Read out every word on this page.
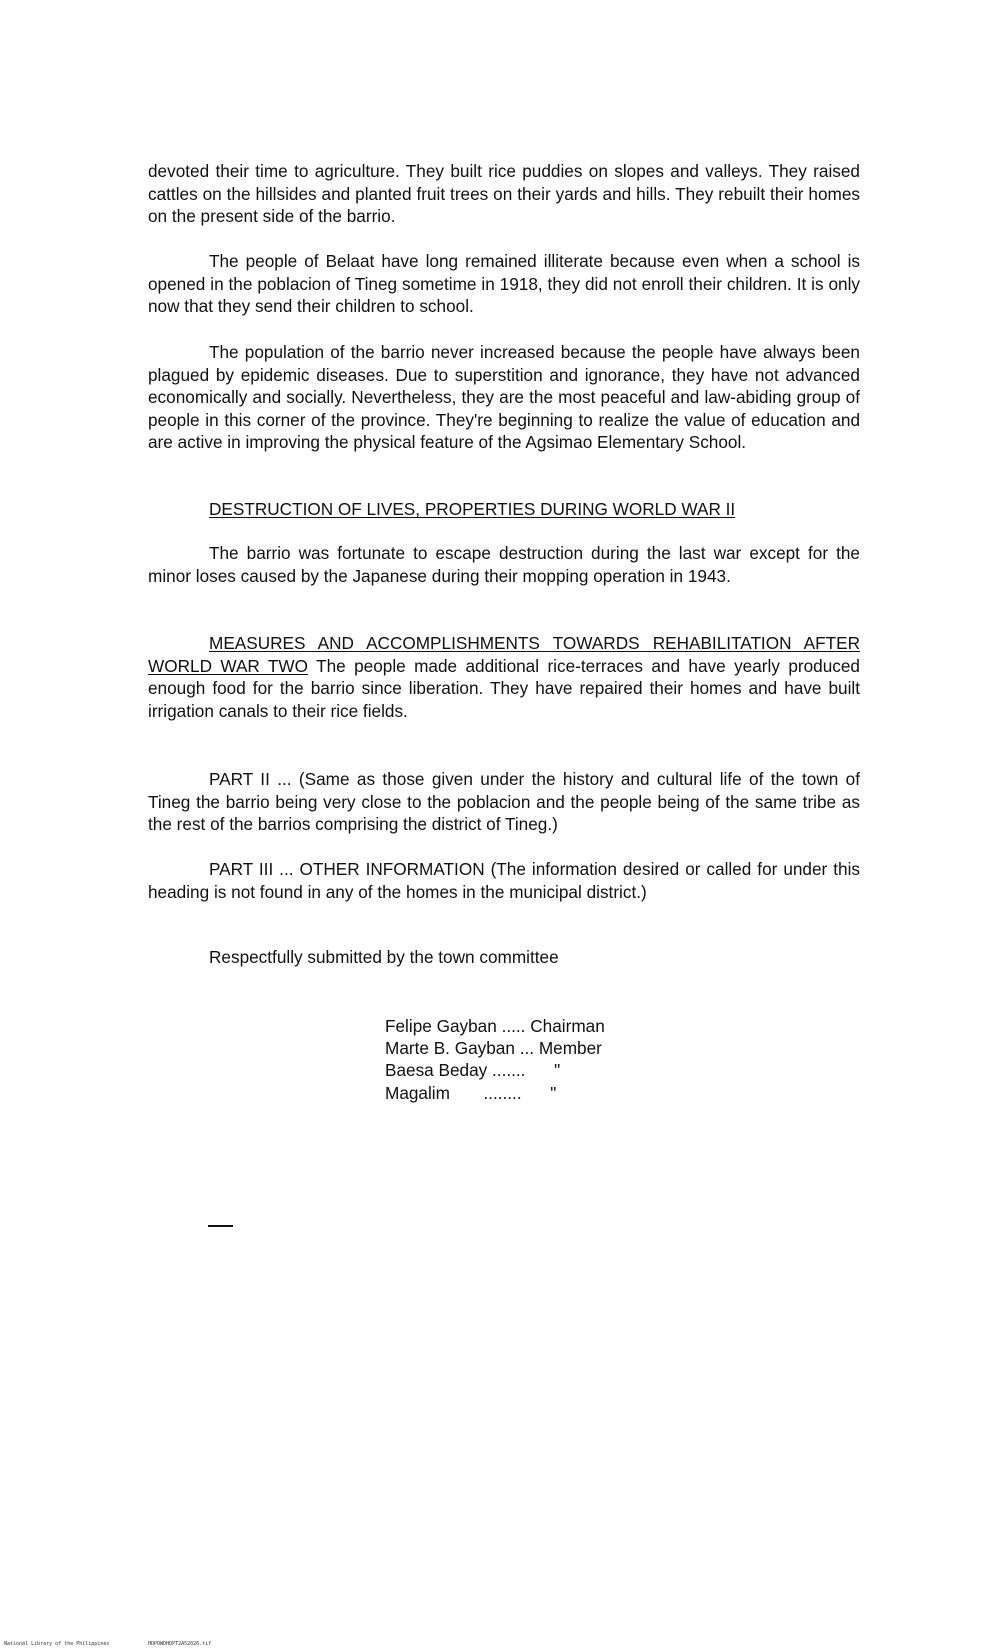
devoted their time to agriculture. They built rice puddies on slopes and valleys. They raised cattles on the hillsides and planted fruit trees on their yards and hills. They rebuilt their homes on the present side of the barrio.

The people of Belaat have long remained illiterate because even when a school is opened in the poblacion of Tineg sometime in 1918, they did not enroll their children. It is only now that they send their children to school.

The population of the barrio never increased because the people have always been plagued by epidemic diseases. Due to superstition and ignorance, they have not advanced economically and socially. Nevertheless, they are the most peaceful and law-abiding group of people in this corner of the province. They're beginning to realize the value of education and are active in improving the physical feature of the Agsimao Elementary School.

DESTRUCTION OF LIVES, PROPERTIES DURING WORLD WAR II

The barrio was fortunate to escape destruction during the last war except for the minor loses caused by the Japanese during their mopping operation in 1943.

MEASURES AND ACCOMPLISHMENTS TOWARDS REHABILITATION AFTER WORLD WAR TWO The people made additional rice-terraces and have yearly produced enough food for the barrio since liberation. They have repaired their homes and have built irrigation canals to their rice fields.

PART II ... (Same as those given under the history and cultural life of the town of Tineg the barrio being very close to the poblacion and the people being of the same tribe as the rest of the barrios comprising the district of Tineg.)

PART III ... OTHER INFORMATION (The information desired or called for under this heading is not found in any of the homes in the municipal district.)

Respectfully submitted by the town committee

Felipe Gayban ..... Chairman

Marte B. Gayban ... Member

Baesa Beday ....... "

Magalim ........ "

National Library of the Philippines	HDPOWDHDPT2A52026.tif
